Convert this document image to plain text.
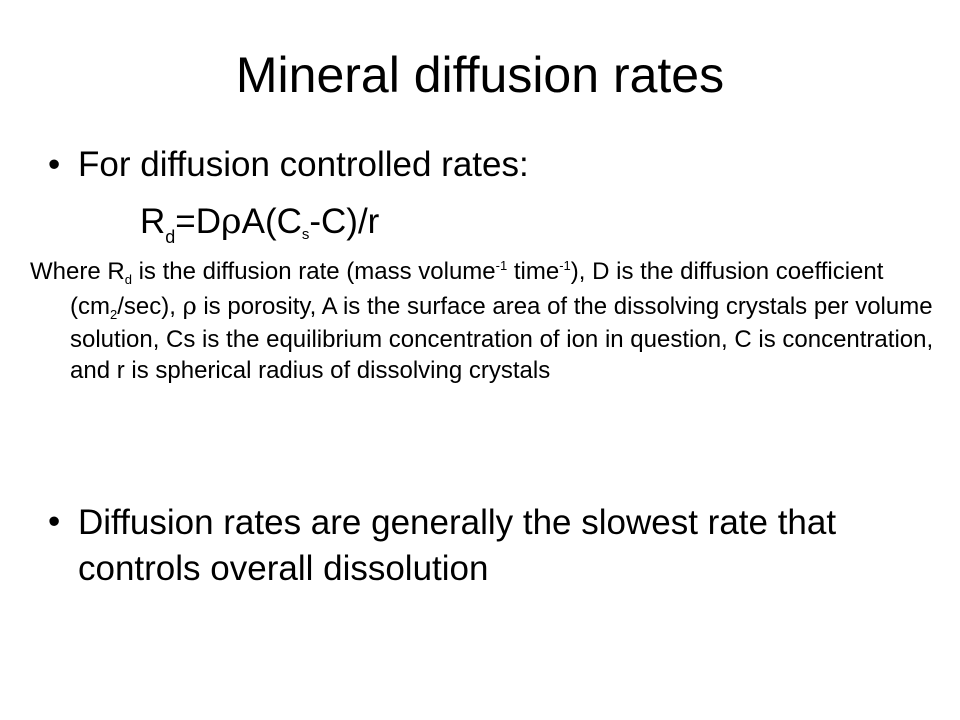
Mineral diffusion rates
• For diffusion controlled rates:
$R_d=D\rho A(Cs-C)/r$
Where $R_d$ is the diffusion rate (mass volume$^{-1}$ time$^{-1}$), D is the diffusion coefficient $(cm_2/\sec)$, ρ is porosity, A is the surface area of the dissolving crystals per volume solution, Cs is the equilibrium concentration of ion in question, C is concentration, and r is spherical radius of dissolving crystals
• Diffusion rates are generally the slowest rate that controls overall dissolution
